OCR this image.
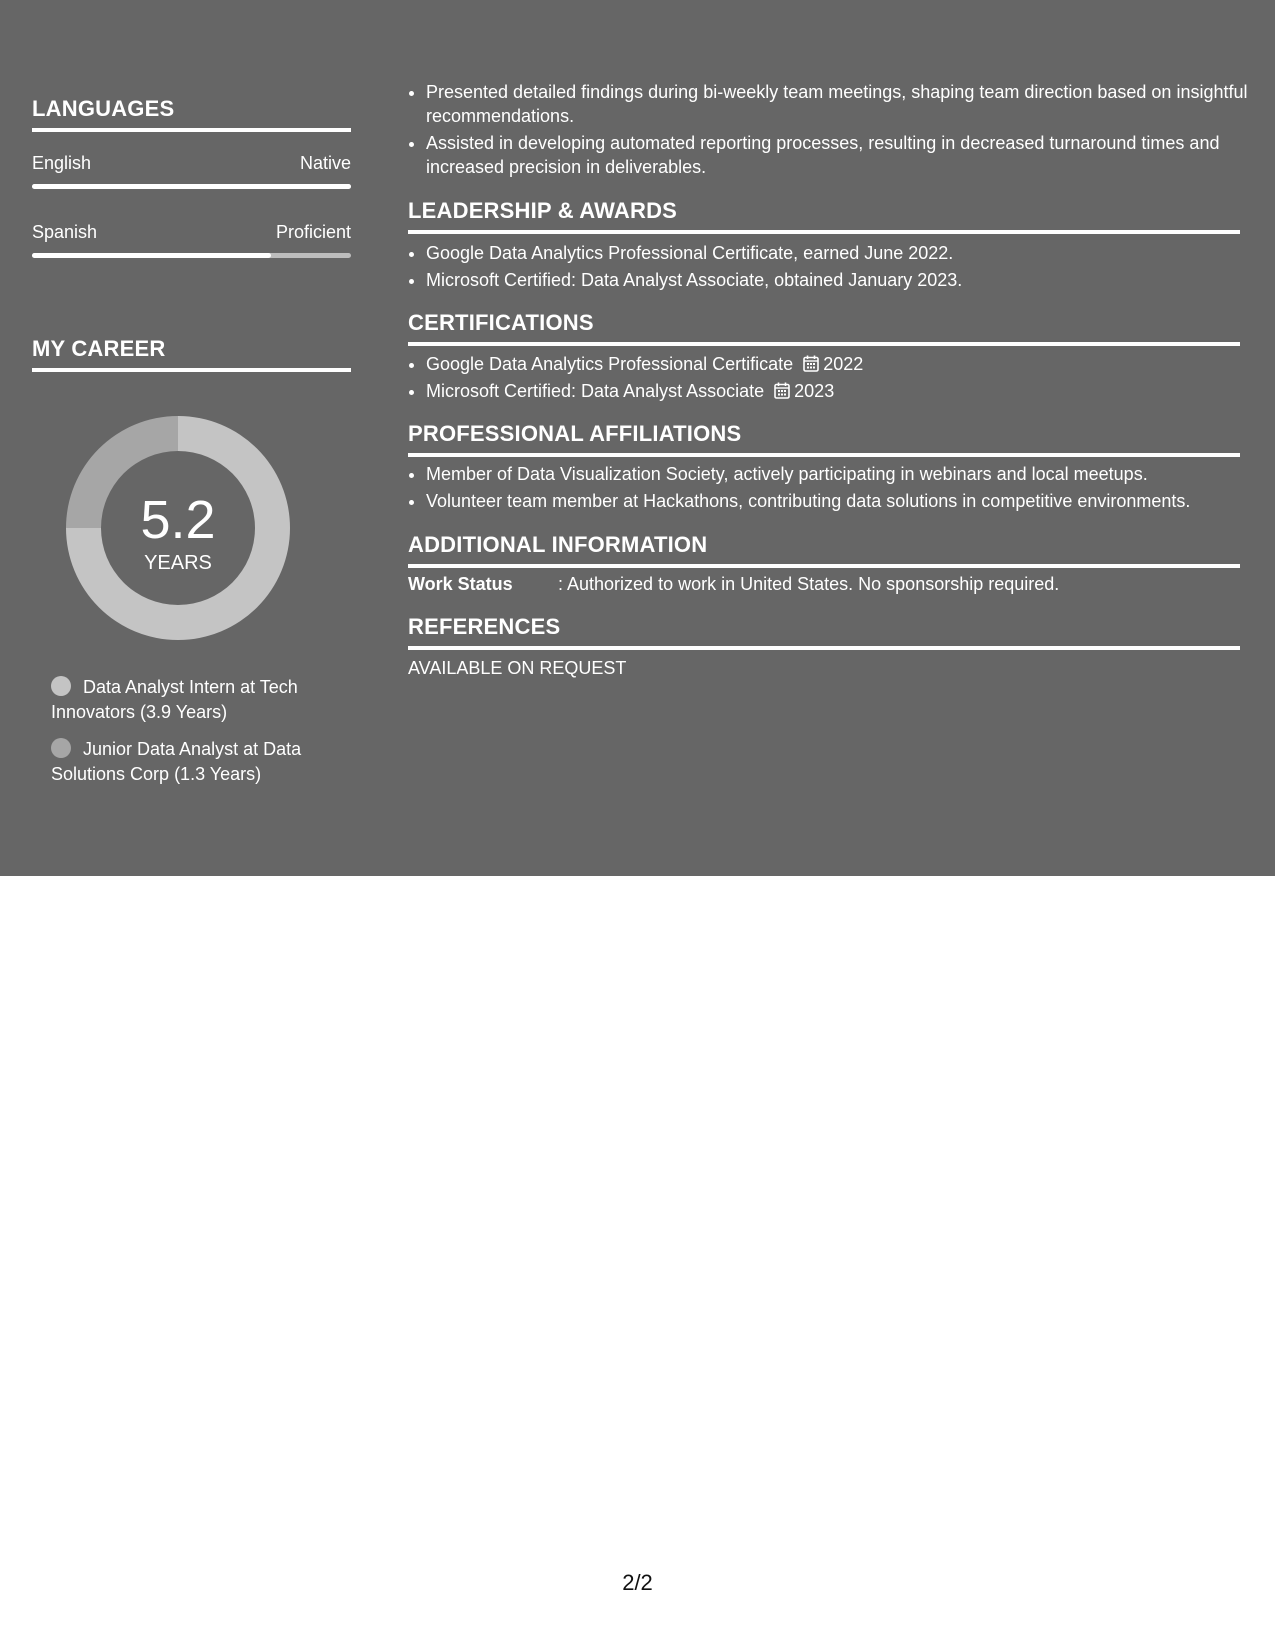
LANGUAGES
English	Native
Spanish	Proficient
MY CAREER
5.2
YEARS
Data Analyst Intern at Tech Innovators (3.9 Years)
Junior Data Analyst at Data Solutions Corp (1.3 Years)
• Presented detailed findings during bi-weekly team meetings, shaping team direction based on insightful recommendations.
• Assisted in developing automated reporting processes, resulting in decreased turnaround times and increased precision in deliverables.
LEADERSHIP & AWARDS
• Google Data Analytics Professional Certificate, earned June 2022.
• Microsoft Certified: Data Analyst Associate, obtained January 2023.
CERTIFICATIONS
• Google Data Analytics Professional Certificate 2022
• Microsoft Certified: Data Analyst Associate 2023
PROFESSIONAL AFFILIATIONS
• Member of Data Visualization Society, actively participating in webinars and local meetups.
• Volunteer team member at Hackathons, contributing data solutions in competitive environments.
ADDITIONAL INFORMATION
Work Status	: Authorized to work in United States. No sponsorship required.
REFERENCES
AVAILABLE ON REQUEST
2/2
